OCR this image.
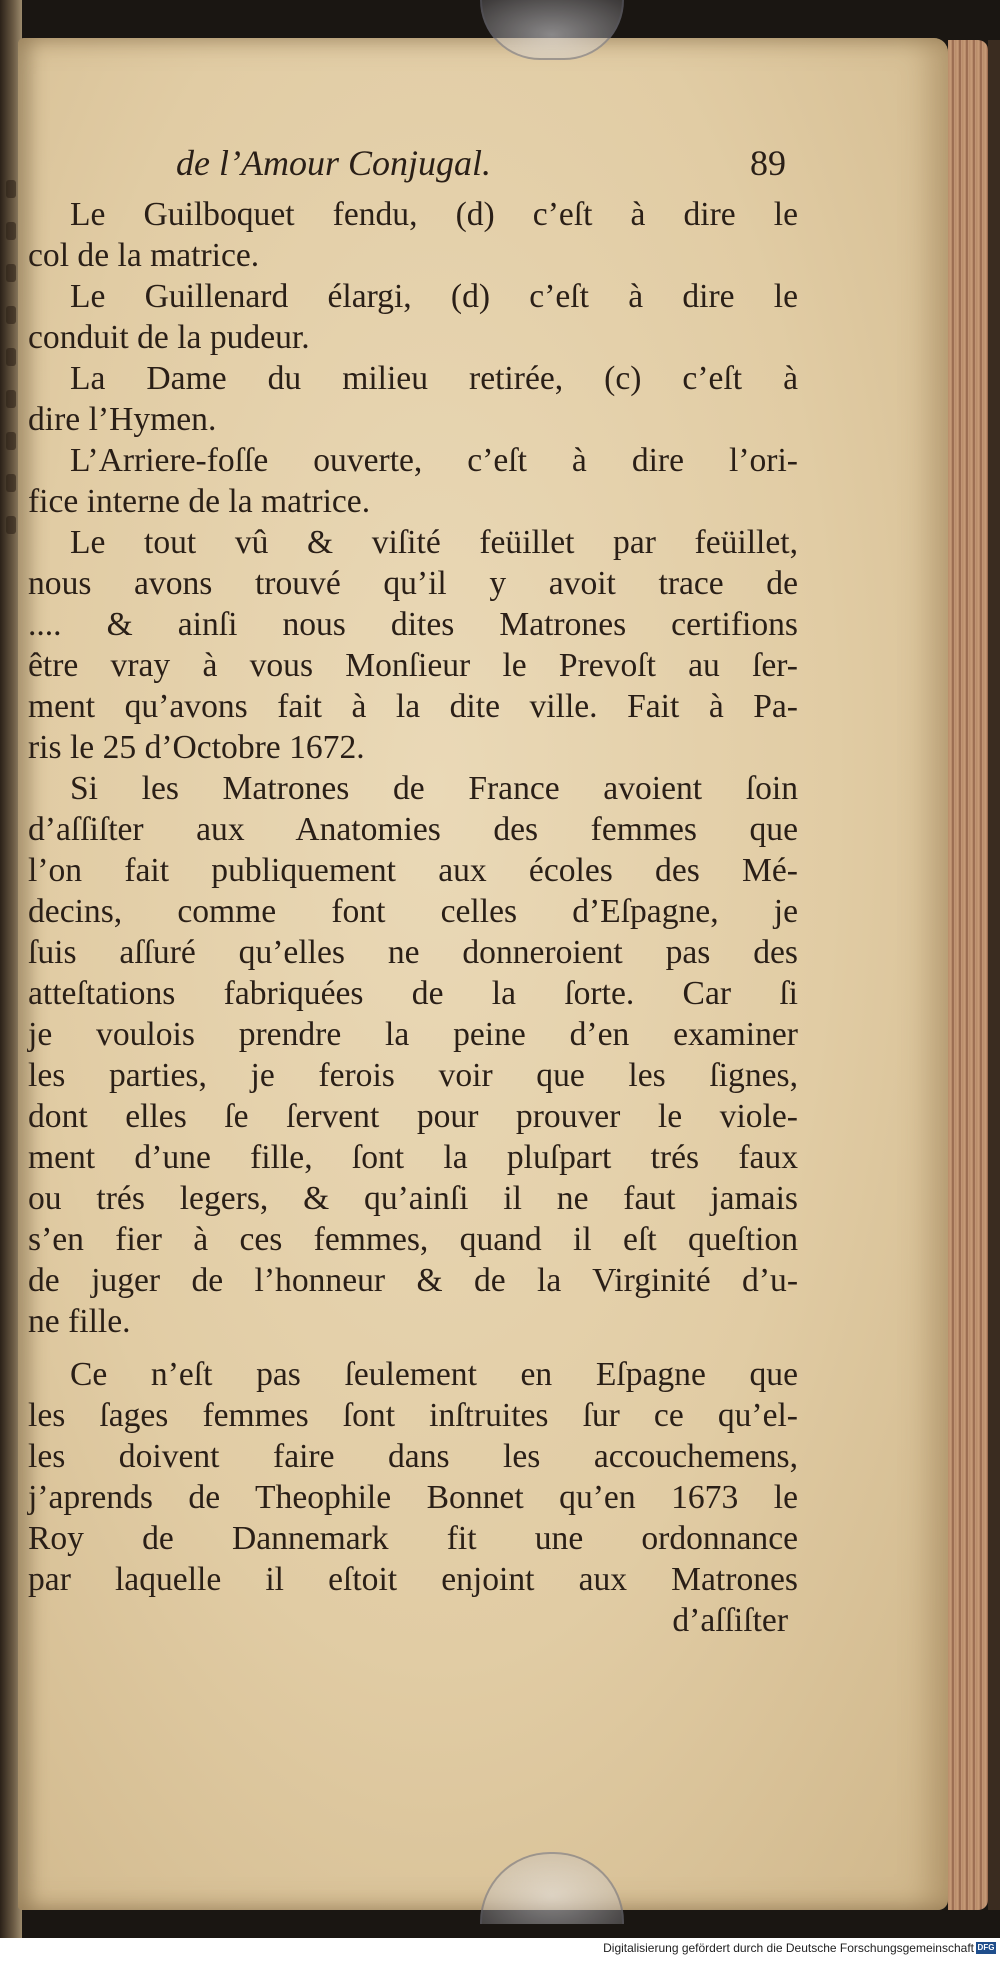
de l’Amour Conjugal.	89
Le Guilboquet fendu, (d) c’eſt à dire le
col de la matrice.
Le Guillenard élargi, (d) c’eſt à dire le
conduit de la pudeur.
La Dame du milieu retirée, (c) c’eſt à
dire l’Hymen.
L’Arriere-foſſe ouverte, c’eſt à dire l’ori-
fice interne de la matrice.
Le tout vû & viſité feüillet par feüillet,
nous avons trouvé qu’il y avoit trace de
.... & ainſi nous dites Matrones certifions
être vray à vous Monſieur le Prevoſt au ſer-
ment qu’avons fait à la dite ville. Fait à Pa-
ris le 25 d’Octobre 1672.
Si les Matrones de France avoient ſoin
d’aſſiſter aux Anatomies des femmes que
l’on fait publiquement aux écoles des Mé-
decins, comme font celles d’Eſpagne, je
ſuis aſſuré qu’elles ne donneroient pas des
atteſtations fabriquées de la ſorte. Car ſi
je voulois prendre la peine d’en examiner
les parties, je ferois voir que les ſignes,
dont elles ſe ſervent pour prouver le viole-
ment d’une fille, ſont la pluſpart trés faux
ou trés legers, & qu’ainſi il ne faut jamais
s’en fier à ces femmes, quand il eſt queſtion
de juger de l’honneur & de la Virginité d’u-
ne fille.
Ce n’eſt pas ſeulement en Eſpagne que
les ſages femmes ſont inſtruites ſur ce qu’el-
les doivent faire dans les accouchemens,
j’aprends de Theophile Bonnet qu’en 1673 le
Roy de Dannemark fit une ordonnance
par laquelle il eſtoit enjoint aux Matrones
d’aſſiſter
Digitalisierung gefördert durch die Deutsche Forschungsgemeinschaft DFG
